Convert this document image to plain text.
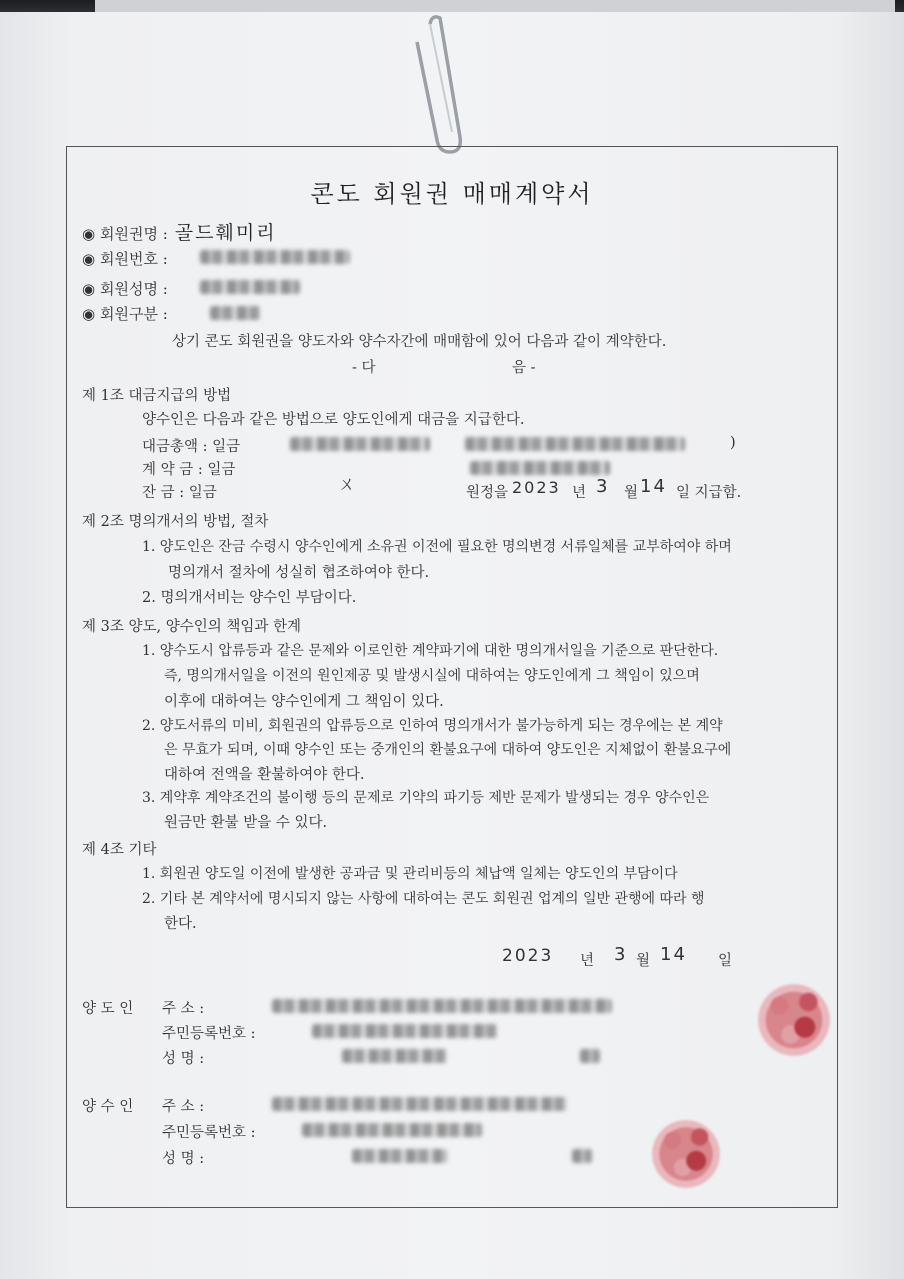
콘도 회원권 매매계약서
◉ 회원권명 : 골드훼미리
◉ 회원번호 :
◉ 회원성명 :
◉ 회원구분 :
상기 콘도 회원권을 양도자와 양수자간에 매매함에 있어 다음과 같이 계약한다.
- 다	음 -
제 1조 대금지급의 방법
양수인은 다음과 같은 방법으로 양도인에게 대금을 지급한다.
대금총액 : 일금	)
계 약 금 : 일금
잔 금 : 일금	ㄨ	원정을 2023 년 3 월 14 일 지급함.
제 2조 명의개서의 방법, 절차
1. 양도인은 잔금 수령시 양수인에게 소유권 이전에 필요한 명의변경 서류일체를 교부하여야 하며
명의개서 절차에 성실히 협조하여야 한다.
2. 명의개서비는 양수인 부담이다.
제 3조 양도, 양수인의 책임과 한계
1. 양수도시 압류등과 같은 문제와 이로인한 계약파기에 대한 명의개서일을 기준으로 판단한다.
즉, 명의개서일을 이전의 원인제공 및 발생시실에 대하여는 양도인에게 그 책임이 있으며
이후에 대하여는 양수인에게 그 책임이 있다.
2. 양도서류의 미비, 회원권의 압류등으로 인하여 명의개서가 불가능하게 되는 경우에는 본 계약
은 무효가 되며, 이때 양수인 또는 중개인의 환불요구에 대하여 양도인은 지체없이 환불요구에
대하여 전액을 환불하여야 한다.
3. 계약후 계약조건의 불이행 등의 문제로 기약의 파기등 제반 문제가 발생되는 경우 양수인은
원금만 환불 받을 수 있다.
제 4조 기타
1. 회원권 양도일 이전에 발생한 공과금 및 관리비등의 체납액 일체는 양도인의 부담이다
2. 기타 본 계약서에 명시되지 않는 사항에 대하여는 콘도 회원권 업계의 일반 관행에 따라 행
한다.
2023 년 3 월 14 일
양 도 인 주 소 :
주민등록번호 :
성 명 :
양 수 인 주 소 :
주민등록번호 :
성 명 :
